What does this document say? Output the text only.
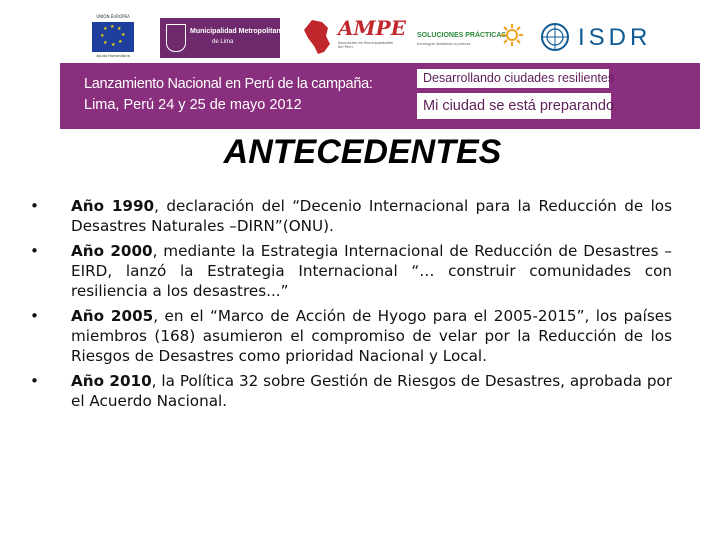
UNIÓN EUROPEA
★ ★
★
★
★
★
★
★
Ayuda Humanitaria
Municipalidad Metropolitana
de Lima
AMPE
Asociación de Municipalidades del Perú
SOLUCIONES PRÁCTICAS
tecnologías desafiando la pobreza	ISDR
Lanzamiento Nacional en Perú de la campaña:
Lima, Perú 24 y 25 de mayo 2012
Desarrollando ciudades resilientes
Mi ciudad se está preparando
ANTECEDENTES
• Año 1990, declaración del “Decenio Internacional para la Reducción de los Desastres Naturales –DIRN”(ONU).
• Año 2000, mediante la Estrategia Internacional de Reducción de Desastres – EIRD, lanzó la Estrategia Internacional “… construir comunidades con resiliencia a los desastres...”
• Año 2005, en el “Marco de Acción de Hyogo para el 2005-2015”, los países miembros (168) asumieron el compromiso de velar por la Reducción de los Riesgos de Desastres como prioridad Nacional y Local.
• Año 2010, la Política 32 sobre Gestión de Riesgos de Desastres, aprobada por el Acuerdo Nacional.
